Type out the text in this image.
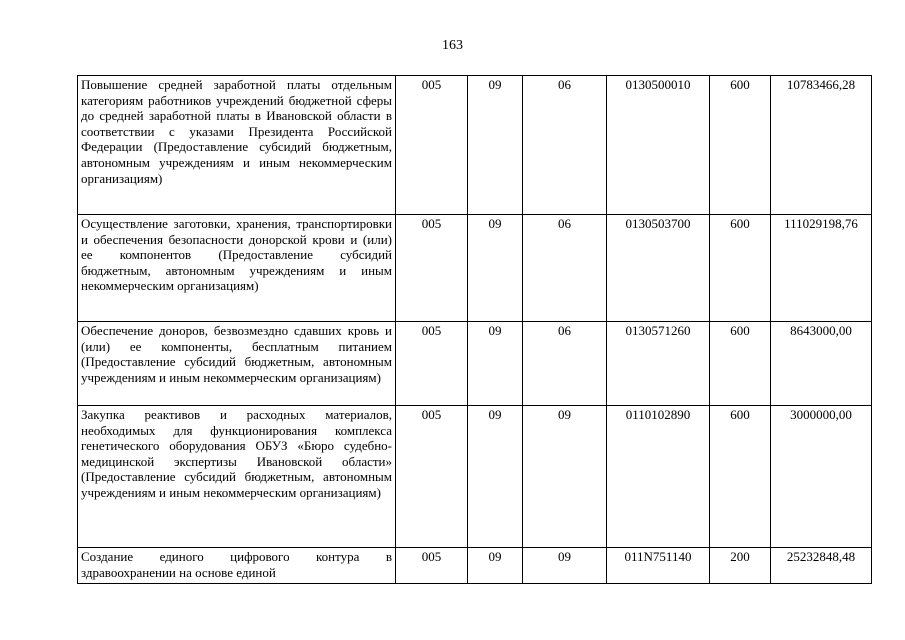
163
Повышение средней заработной платы отдельным категориям работников учреждений бюджетной сферы до средней заработной платы в Ивановской области в соответствии с указами Президента Российской Федерации (Предоставление субсидий бюджетным, автономным учреждениям и иным некоммерческим организациям)	005	09	06	0130500010	600	10783466,28
Осуществление заготовки, хранения, транспортировки и обеспечения безопасности донорской крови и (или) ее компонентов (Предоставление субсидий бюджетным, автономным учреждениям и иным некоммерческим организациям)	005	09	06	0130503700	600	111029198,76
Обеспечение доноров, безвозмездно сдавших кровь и (или) ее компоненты, бесплатным питанием (Предоставление субсидий бюджетным, автономным учреждениям и иным некоммерческим организациям)	005	09	06	0130571260	600	8643000,00
Закупка реактивов и расходных материалов, необходимых для функционирования комплекса генетического оборудования ОБУЗ «Бюро судебно-медицинской экспертизы Ивановской области» (Предоставление субсидий бюджетным, автономным учреждениям и иным некоммерческим организациям)	005	09	09	0110102890	600	3000000,00
Создание единого цифрового контура в здравоохранении на основе единой	005	09	09	011N751140	200	25232848,48
